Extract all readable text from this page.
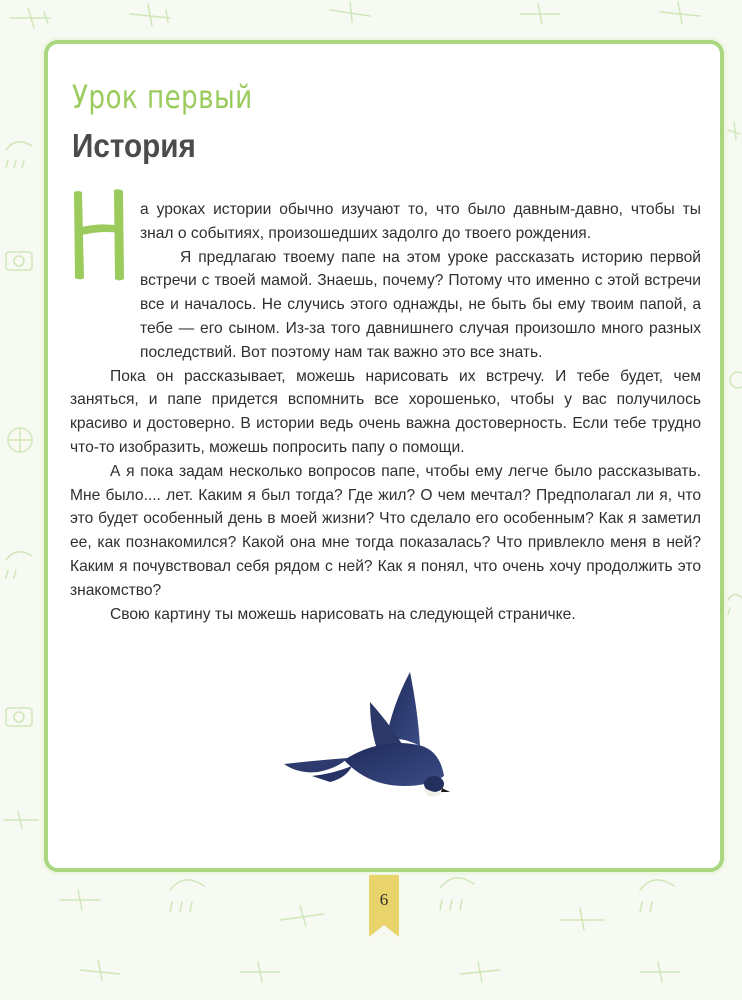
Урок первый
История

а уроках истории обычно изучают то, что было давным-давно, чтобы ты знал о событиях, произошедших задолго до твоего рождения.

Я предлагаю твоему папе на этом уроке рассказать историю первой встречи с твоей мамой. Знаешь, почему? Потому что именно с этой встречи все и началось. Не случись этого однажды, не быть бы ему твоим папой, а тебе — его сыном. Из-за того давнишнего случая произошло много разных последствий. Вот поэтому нам так важно это все знать.

Пока он рассказывает, можешь нарисовать их встречу. И тебе будет, чем заняться, и папе придется вспомнить все хорошенько, чтобы у вас получилось красиво и достоверно. В истории ведь очень важна достоверность. Если тебе трудно что-то изобразить, можешь попросить папу о помощи.

А я пока задам несколько вопросов папе, чтобы ему легче было рассказывать. Мне было.... лет. Каким я был тогда? Где жил? О чем мечтал? Предполагал ли я, что это будет особенный день в моей жизни? Что сделало его особенным? Как я заметил ее, как познакомился? Какой она мне тогда показалась? Что привлекло меня в ней? Каким я почувствовал себя рядом с ней? Как я понял, что очень хочу продолжить это знакомство?

Свою картину ты можешь нарисовать на следующей страничке.

6
